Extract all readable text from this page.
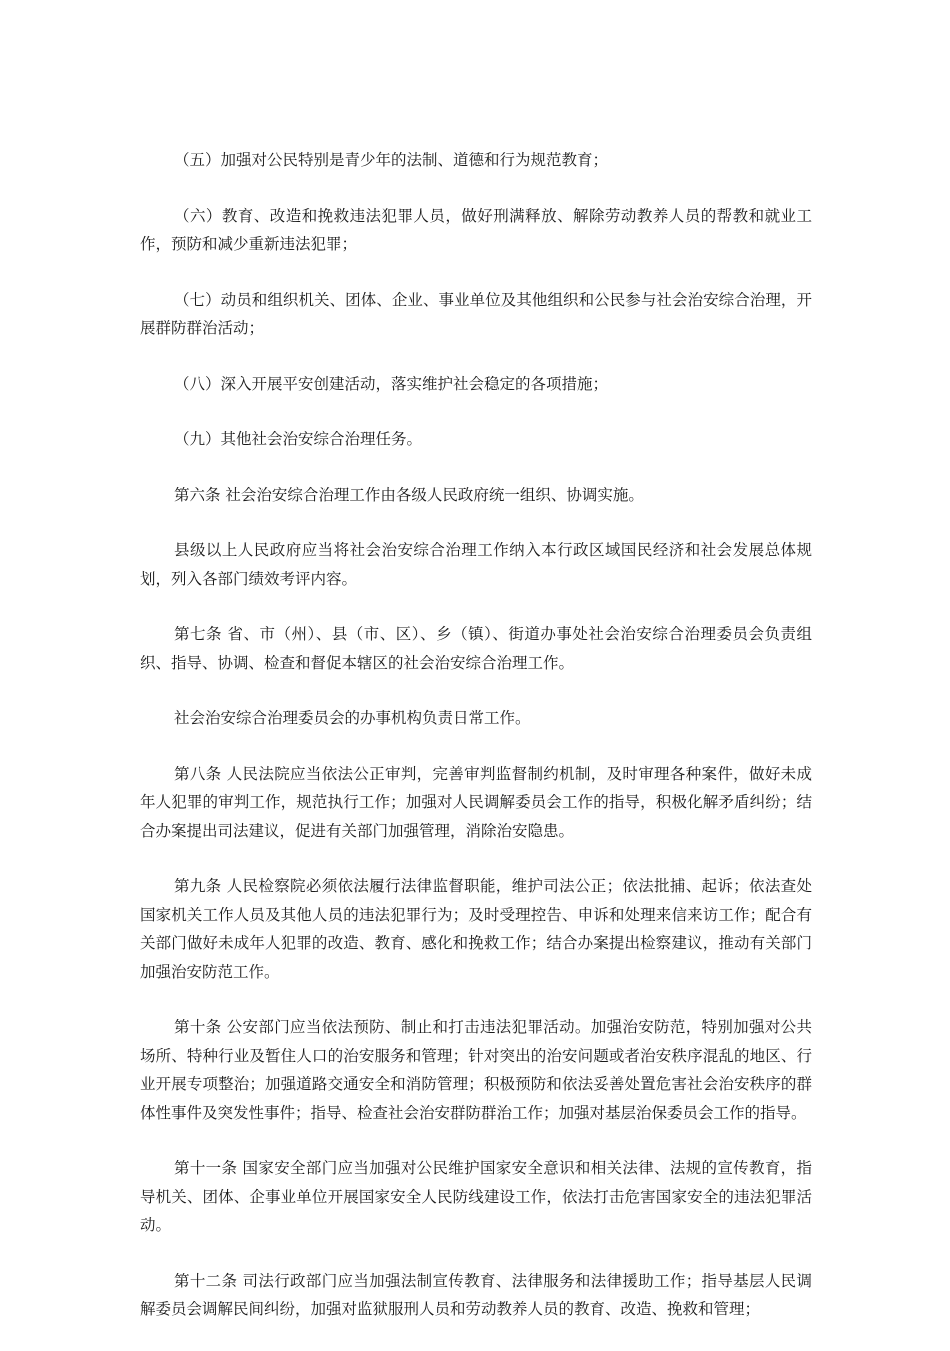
（五）加强对公民特别是青少年的法制、道德和行为规范教育；

（六）教育、改造和挽救违法犯罪人员，做好刑满释放、解除劳动教养人员的帮教和就业工作，预防和减少重新违法犯罪；

（七）动员和组织机关、团体、企业、事业单位及其他组织和公民参与社会治安综合治理，开展群防群治活动；

（八）深入开展平安创建活动，落实维护社会稳定的各项措施；

（九）其他社会治安综合治理任务。

第六条 社会治安综合治理工作由各级人民政府统一组织、协调实施。

县级以上人民政府应当将社会治安综合治理工作纳入本行政区域国民经济和社会发展总体规划，列入各部门绩效考评内容。

第七条 省、市（州）、县（市、区）、乡（镇）、街道办事处社会治安综合治理委员会负责组织、指导、协调、检查和督促本辖区的社会治安综合治理工作。

社会治安综合治理委员会的办事机构负责日常工作。

第八条 人民法院应当依法公正审判，完善审判监督制约机制，及时审理各种案件，做好未成年人犯罪的审判工作，规范执行工作；加强对人民调解委员会工作的指导，积极化解矛盾纠纷；结合办案提出司法建议，促进有关部门加强管理，消除治安隐患。

第九条 人民检察院必须依法履行法律监督职能，维护司法公正；依法批捕、起诉；依法查处国家机关工作人员及其他人员的违法犯罪行为；及时受理控告、申诉和处理来信来访工作；配合有关部门做好未成年人犯罪的改造、教育、感化和挽救工作；结合办案提出检察建议，推动有关部门加强治安防范工作。

第十条 公安部门应当依法预防、制止和打击违法犯罪活动。加强治安防范，特别加强对公共场所、特种行业及暂住人口的治安服务和管理；针对突出的治安问题或者治安秩序混乱的地区、行业开展专项整治；加强道路交通安全和消防管理；积极预防和依法妥善处置危害社会治安秩序的群体性事件及突发性事件；指导、检查社会治安群防群治工作；加强对基层治保委员会工作的指导。

第十一条 国家安全部门应当加强对公民维护国家安全意识和相关法律、法规的宣传教育，指导机关、团体、企事业单位开展国家安全人民防线建设工作，依法打击危害国家安全的违法犯罪活动。

第十二条 司法行政部门应当加强法制宣传教育、法律服务和法律援助工作；指导基层人民调解委员会调解民间纠纷，加强对监狱服刑人员和劳动教养人员的教育、改造、挽救和管理；
